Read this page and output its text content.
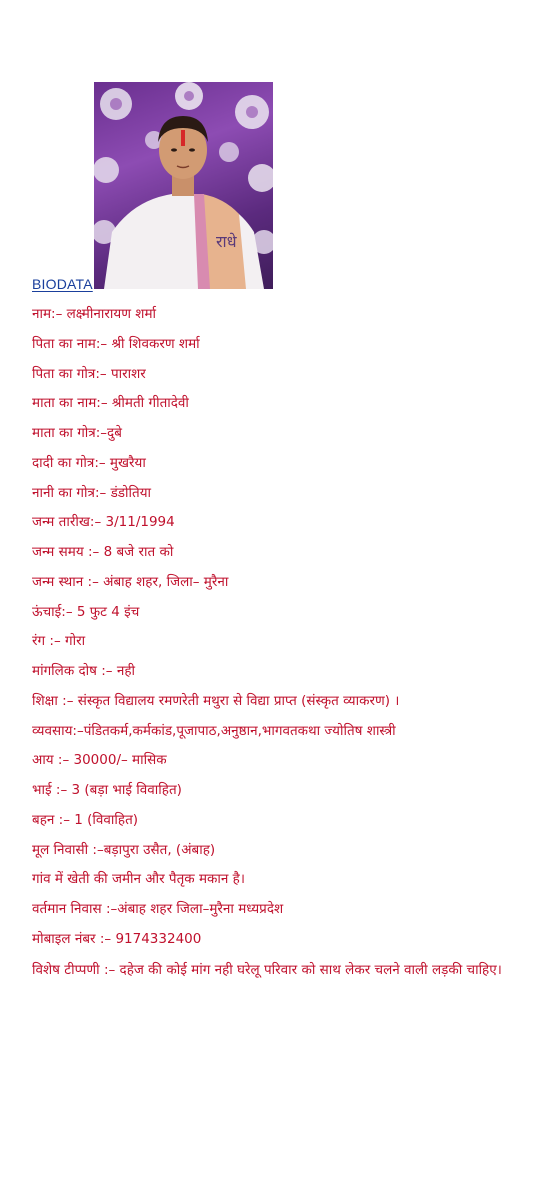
राधे
BIODATA
नाम:– लक्ष्मीनारायण शर्मा
पिता का नाम:– श्री शिवकरण शर्मा
पिता का गोत्र:– पाराशर
माता का नाम:– श्रीमती गीतादेवी
माता का गोत्र:–दुबे
दादी का गोत्र:– मुखरैया
नानी का गोत्र:– डंडोतिया
जन्म तारीख:– 3/11/1994
जन्म समय :– 8 बजे रात को
जन्म स्थान :– अंबाह शहर, जिला– मुरैना
ऊंचाई:– 5 फुट 4 इंच
रंग :– गोरा
मांगलिक दोष :– नही
शिक्षा :– संस्कृत विद्यालय रमणरेती मथुरा से विद्या प्राप्त (संस्कृत व्याकरण) ।
व्यवसाय:–पंडितकर्म,कर्मकांड,पूजापाठ,अनुष्ठान,भागवतकथा ज्योतिष शास्त्री
आय :– 30000/– मासिक
भाई :– 3 (बड़ा भाई विवाहित)
बहन :– 1 (विवाहित)
मूल निवासी :–बड़ापुरा उसैत, (अंबाह)
गांव में खेती की जमीन और पैतृक मकान है।
वर्तमान निवास :–अंबाह शहर जिला–मुरैना मध्यप्रदेश
मोबाइल नंबर :– 9174332400
विशेष टीप्पणी :– दहेज की कोई मांग नही घरेलू परिवार को साथ लेकर चलने वाली लड़की चाहिए।
